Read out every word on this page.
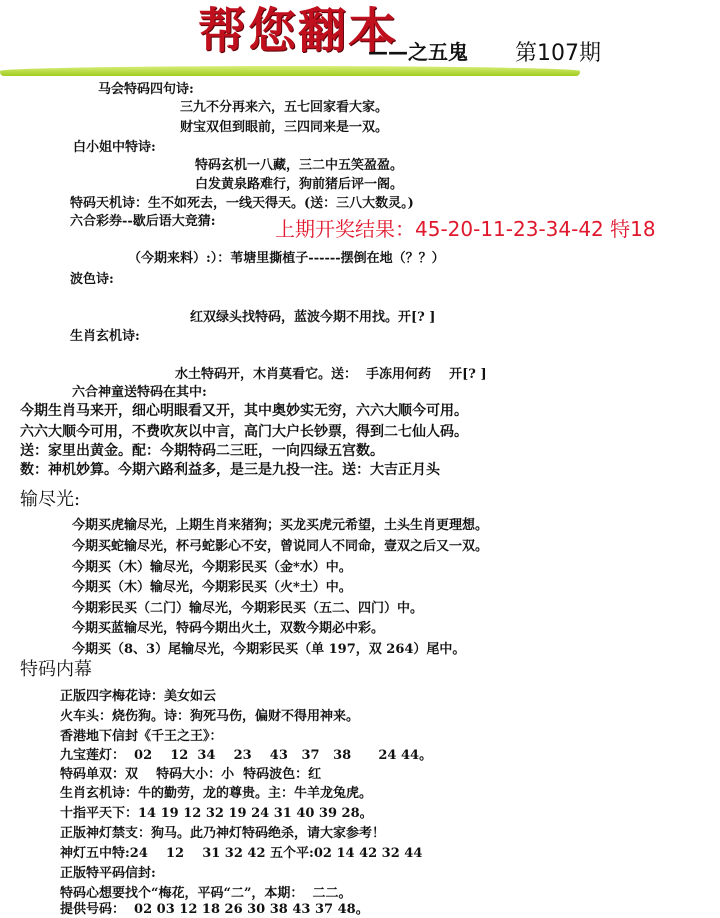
帮您翻本

——之五鬼 第107期
马会特码四句诗:
三九不分再来六，五七回家看大家。
财宝双但到眼前，三四同来是一双。
白小姐中特诗:
特码玄机一八藏，三二中五笑盈盈。
白发黄泉路难行，狗前猪后评一阁。
特码天机诗：生不如死去，一线天得天。(送：三八大数灵。)
六合彩券--歇后语大竞猜:	上期开奖结果：45-20-11-23-34-42 特18
（今期来料）:）：苇塘里撕植子------摆倒在地（？？）
波色诗:
红双绿头找特码，蓝波今期不用找。开[? ]
生肖玄机诗:
水土特码开，木肖莫看它。送：  手冻用何药    开[? ]
六合神童送特码在其中:
今期生肖马来开，细心明眼看又开，其中奥妙实无穷，六六大顺今可用。
六六大顺今可用，不费吹灰以中言，高门大户长钞票，得到二七仙人码。
送：家里出黄金。配：今期特码二三旺，一向四绿五宫数。
数：神机妙算。今期六路利益多，是三是九投一注。送：大吉正月头
输尽光:
今期买虎输尽光，上期生肖来猪狗；买龙买虎元希望，土头生肖更理想。
今期买蛇输尽光，杯弓蛇影心不安，曾说同人不同命，壹双之后又一双。
今期买（木）输尽光，今期彩民买（金*水）中。
今期买（木）输尽光，今期彩民买（火*土）中。
今期彩民买（二门）输尽光，今期彩民买（五二、四门）中。
今期买蓝输尽光，特码今期出火土，双数今期必中彩。
今期买（8、3）尾输尽光，今期彩民买（单 197，双 264）尾中。
特码内幕
正版四字梅花诗：美女如云
火车头：烧伤狗。诗：狗死马伤，偏财不得用神来。
香港地下信封《千王之王》：
九宝莲灯：  02    12  34    23    43   37   38      24 44。
特码单双：双    特码大小：小  特码波色：红
生肖玄机诗：牛的勤劳，龙的尊贵。主：牛羊龙兔虎。
十指平天下：14 19 12 32 19 24 31 40 39 28。
正版神灯禁支：狗马。此乃神灯特码绝杀，请大家参考！
神灯五中特:24    12    31 32 42 五个平:02 14 42 32 44
正版特平码信封:
特码心想要找个“梅花，平码“二”，本期：  二二。
提供号码：  02 03 12 18 26 30 38 43 37 48。
